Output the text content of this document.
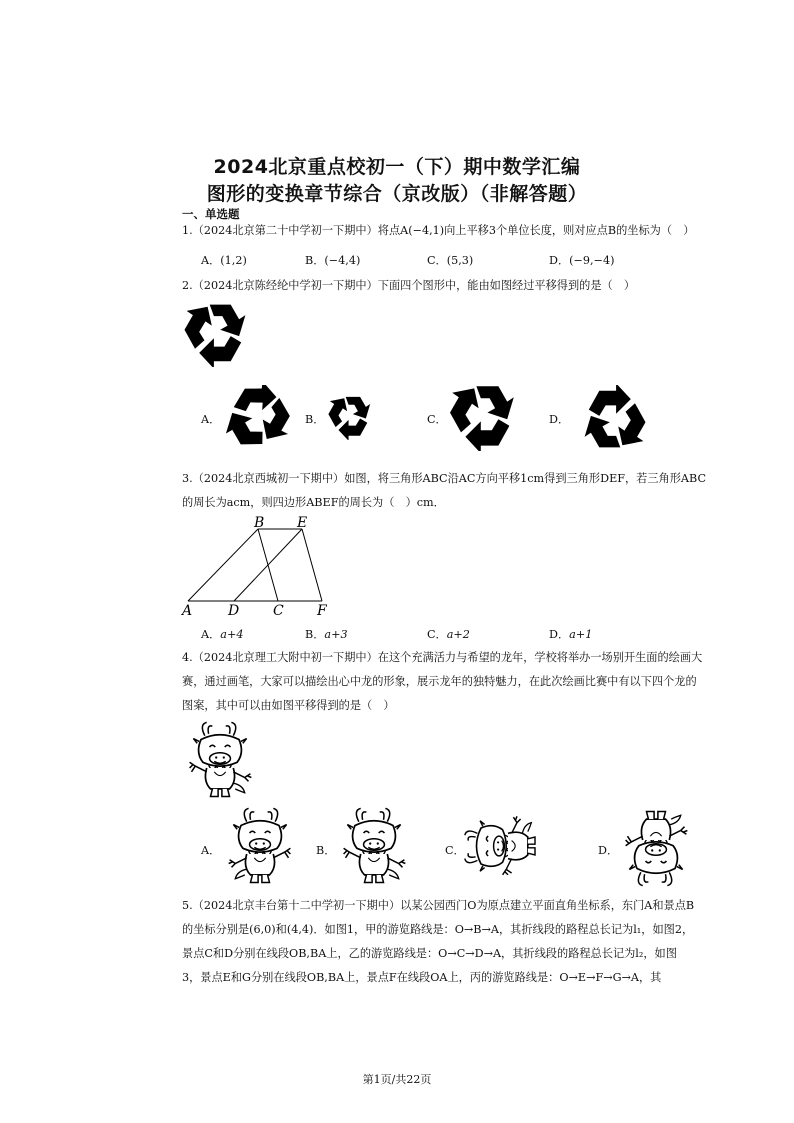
2024北京重点校初一（下）期中数学汇编
图形的变换章节综合（京改版）（非解答题）
一、单选题
1.（2024北京第二十中学初一下期中）将点A(−4,1)向上平移3个单位长度，则对应点B的坐标为（　）
A．(1,2)	B．(−4,4)	C．(5,3)	D．(−9,−4)
2.（2024北京陈经纶中学初一下期中）下面四个图形中，能由如图经过平移得到的是（　）
A．	B．	C．	D．
3.（2024北京西城初一下期中）如图，将三角形ABC沿AC方向平移1cm得到三角形DEF，若三角形ABC
的周长为acm，则四边形ABEF的周长为（　）cm．
B E
A	D C F
A．a+4	B．a+3	C．a+2	D．a+1
4.（2024北京理工大附中初一下期中）在这个充满活力与希望的龙年，学校将举办一场别开生面的绘画大
赛，通过画笔，大家可以描绘出心中龙的形象，展示龙年的独特魅力，在此次绘画比赛中有以下四个龙的
图案，其中可以由如图平移得到的是（　）
A．	B．	C．	D．
5.（2024北京丰台第十二中学初一下期中）以某公园西门O为原点建立平面直角坐标系，东门A和景点B
的坐标分别是(6,0)和(4,4)．如图1，甲的游览路线是：O→B→A，其折线段的路程总长记为l₁，如图2，
景点C和D分别在线段OB,BA上，乙的游览路线是：O→C→D→A，其折线段的路程总长记为l₂，如图
3，景点E和G分别在线段OB,BA上，景点F在线段OA上，丙的游览路线是：O→E→F→G→A，其
第1页/共22页
